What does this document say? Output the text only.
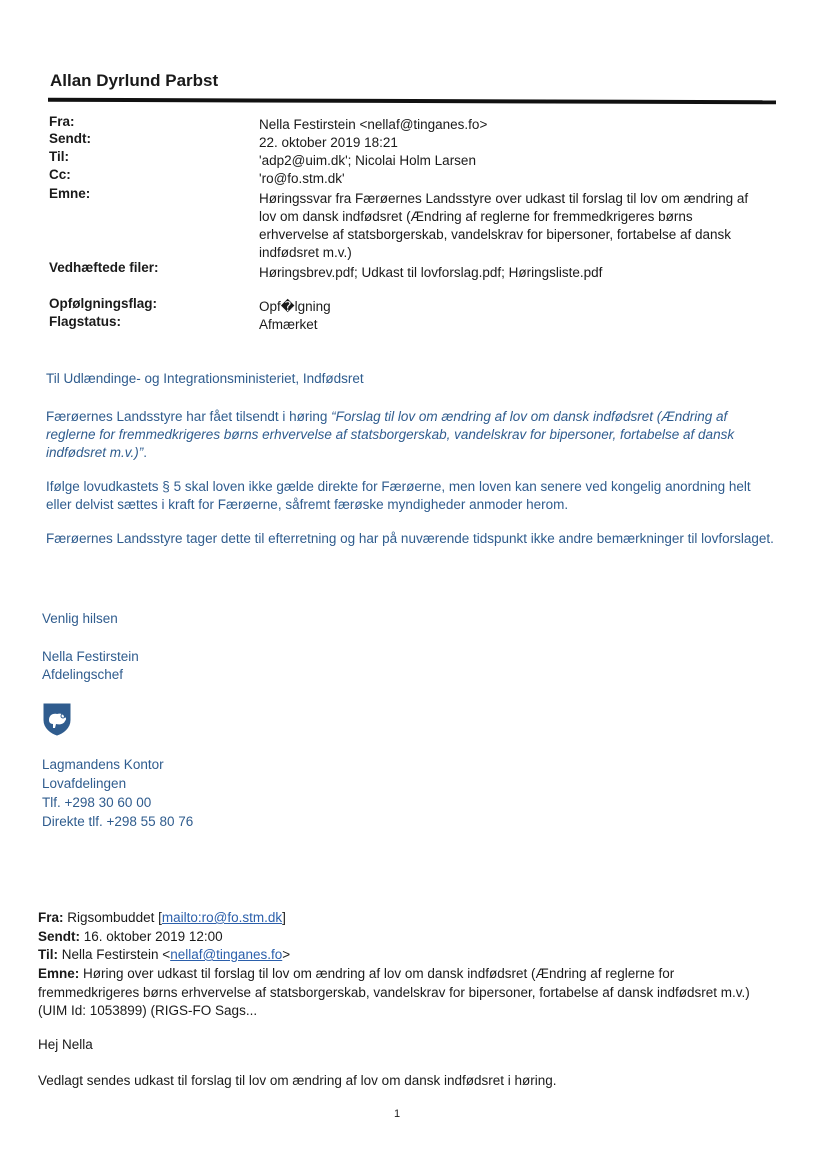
Allan Dyrlund Parbst
Fra:	Nella Festirstein <nellaf@tinganes.fo>
Sendt:	22. oktober 2019 18:21
Til:	'adp2@uim.dk'; Nicolai Holm Larsen
Cc:	'ro@fo.stm.dk'
Emne:	Høringssvar fra Færøernes Landsstyre over udkast til forslag til lov om ændring af lov om dansk indfødsret (Ændring af reglerne for fremmedkrigeres børns erhvervelse af statsborgerskab, vandelskrav for bipersoner, fortabelse af dansk indfødsret m.v.)
Vedhæftede filer:	Høringsbrev.pdf; Udkast til lovforslag.pdf; Høringsliste.pdf
Opfølgningsflag:	Opf�lgning
Flagstatus:	Afmærket
Til Udlændinge- og Integrationsministeriet, Indfødsret
Færøernes Landsstyre har fået tilsendt i høring “Forslag til lov om ændring af lov om dansk indfødsret (Ændring af reglerne for fremmedkrigeres børns erhvervelse af statsborgerskab, vandelskrav for bipersoner, fortabelse af dansk indfødsret m.v.)”.
Ifølge lovudkastets § 5 skal loven ikke gælde direkte for Færøerne, men loven kan senere ved kongelig anordning helt eller delvist sættes i kraft for Færøerne, såfremt færøske myndigheder anmoder herom.
Færøernes Landsstyre tager dette til efterretning og har på nuværende tidspunkt ikke andre bemærkninger til lovforslaget.
Venlig hilsen
Nella Festirstein
Afdelingschef
Lagmandens Kontor
Lovafdelingen
Tlf. +298 30 60 00
Direkte tlf. +298 55 80 76
Fra: Rigsombuddet [mailto:ro@fo.stm.dk]
Sendt: 16. oktober 2019 12:00
Til: Nella Festirstein <nellaf@tinganes.fo>
Emne: Høring over udkast til forslag til lov om ændring af lov om dansk indfødsret (Ændring af reglerne for fremmedkrigeres børns erhvervelse af statsborgerskab, vandelskrav for bipersoner, fortabelse af dansk indfødsret m.v.) (UIM Id: 1053899) (RIGS-FO Sags...
Hej Nella
Vedlagt sendes udkast til forslag til lov om ændring af lov om dansk indfødsret i høring.
1
